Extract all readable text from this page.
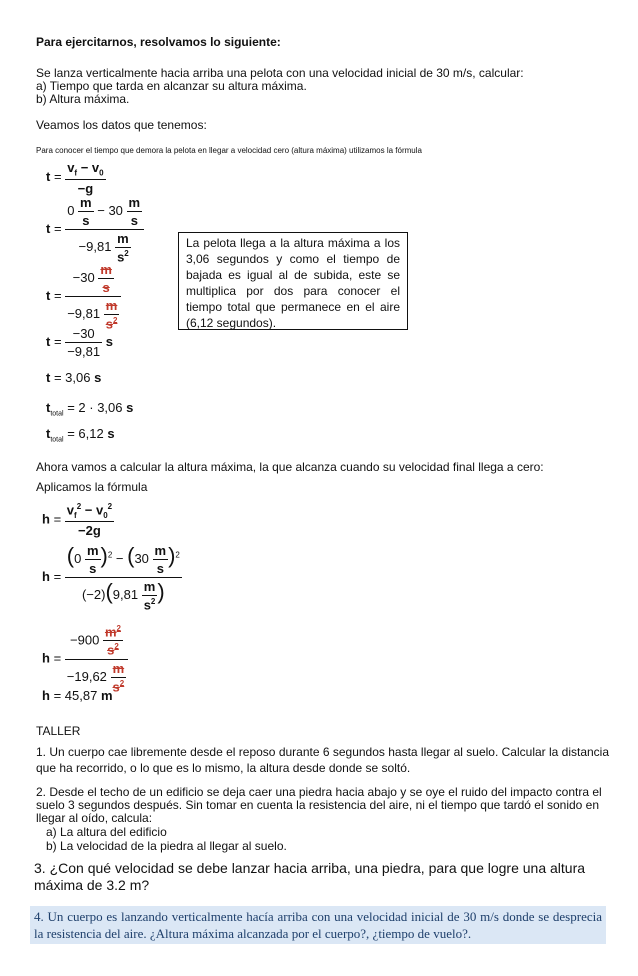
Para ejercitarnos, resolvamos lo siguiente:
Se lanza verticalmente hacia arriba una pelota con una velocidad inicial de 30 m/s, calcular:
a) Tiempo que tarda en alcanzar su altura máxima.
b) Altura máxima.
Veamos los datos que tenemos:
Para conocer el tiempo que demora la pelota en llegar a velocidad cero (altura máxima) utilizamos la fórmula
$t = \frac{v_f - v_0}{-g}$
$t = \frac{0 \frac{m}{s} - 30 \frac{m}{s}}{-9,81 \frac{m}{s^2}}$
$t = \frac{-30 \frac{m}{s}}{-9,81 \frac{m}{s^2}}$
$t = \frac{-30}{-9,81}$ s
t = 3,06 s
$t_{total} = 2 \cdot 3,06$ s
$t_{total} = 6,12$ s
La pelota llega a la altura máxima a los 3,06 segundos y como el tiempo de bajada es igual al de subida, este se multiplica por dos para conocer el tiempo total que permanece en el aire (6,12 segundos).
Ahora vamos a calcular la altura máxima, la que alcanza cuando su velocidad final llega a cero:
Aplicamos la fórmula
$h = \frac{v_f^2 - v_0^2}{-2g}$
$h = \frac{(0 \frac{m}{s} )^2 - (30 \frac{m}{s} )^2}{(-2)(9,81 \frac{m}{s^2} )}$
$h = \frac{-900 \frac{m^2}{s^2}}{-19,62 \frac{m}{s^2}}$
h = 45,87 m
TALLER
1. Un cuerpo cae libremente desde el reposo durante 6 segundos hasta llegar al suelo. Calcular la distancia
que ha recorrido, o lo que es lo mismo, la altura desde donde se soltó.
2. Desde el techo de un edificio se deja caer una piedra hacia abajo y se oye el ruido del impacto contra el
suelo 3 segundos después. Sin tomar en cuenta la resistencia del aire, ni el tiempo que tardó el sonido en
llegar al oído, calcula:
a) La altura del edificio
b) La velocidad de la piedra al llegar al suelo.
3. ¿Con qué velocidad se debe lanzar hacia arriba, una piedra, para que logre una altura máxima de 3.2 m?
4. Un cuerpo es lanzando verticalmente hacía arriba con una velocidad inicial de 30 m/s donde se desprecia la resistencia del aire. ¿Altura máxima alcanzada por el cuerpo?, ¿tiempo de vuelo?.
